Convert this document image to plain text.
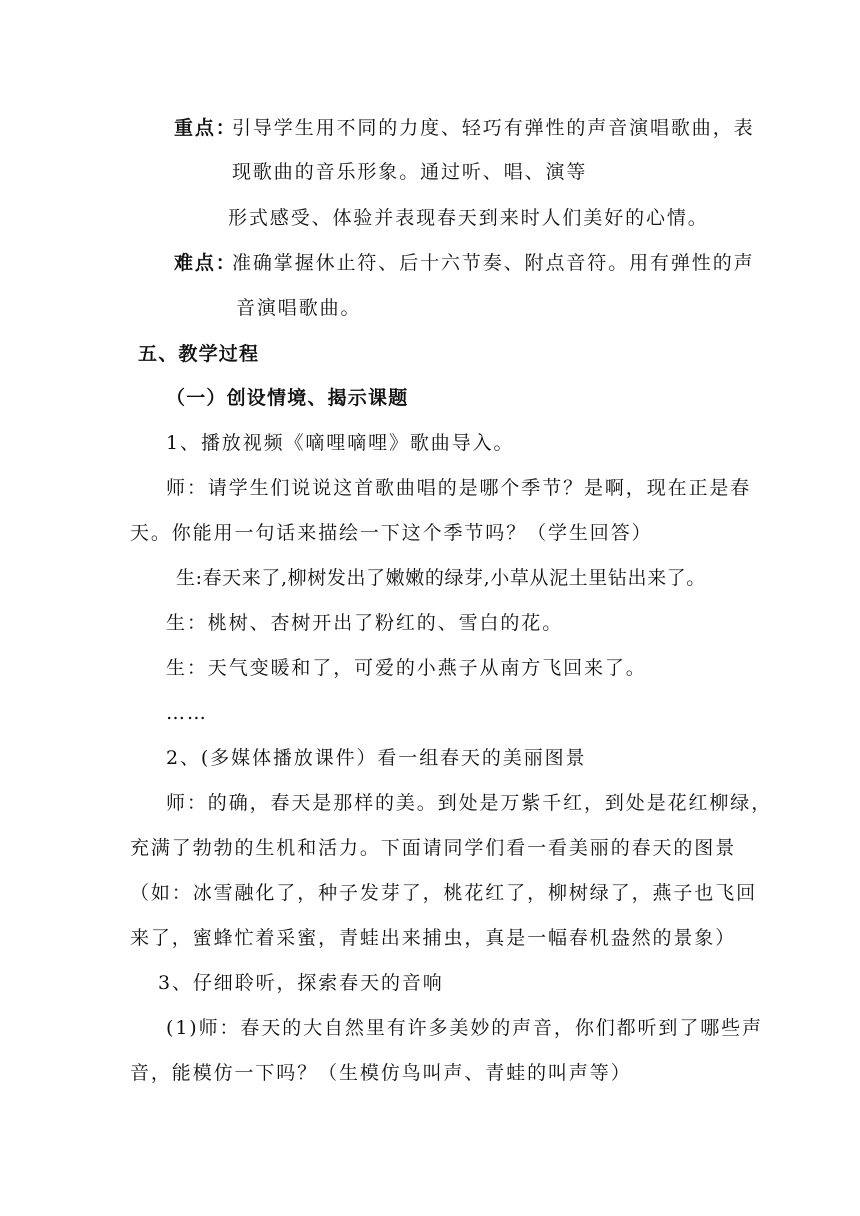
重点：
引导学生用不同的力度、轻巧有弹性的声音演唱歌曲，表
现歌曲的音乐形象。通过听、唱、演等
形式感受、体验并表现春天到来时人们美好的心情。
难点：
准确掌握休止符、后十六节奏、附点音符。用有弹性的声
音演唱歌曲。
五、教学过程
（一）创设情境、揭示课题
1、播放视频《嘀哩嘀哩》歌曲导入。
师：请学生们说说这首歌曲唱的是哪个季节？是啊，现在正是春
天。你能用一句话来描绘一下这个季节吗？（学生回答）
生:春天来了,柳树发出了嫩嫩的绿芽,小草从泥土里钻出来了。
生：桃树、杏树开出了粉红的、雪白的花。
生：天气变暖和了，可爱的小燕子从南方飞回来了。
……
2、(多媒体播放课件）看一组春天的美丽图景
师：的确，春天是那样的美。到处是万紫千红，到处是花红柳绿，
充满了勃勃的生机和活力。下面请同学们看一看美丽的春天的图景
（如：冰雪融化了，种子发芽了，桃花红了，柳树绿了，燕子也飞回
来了，蜜蜂忙着采蜜，青蛙出来捕虫，真是一幅春机盎然的景象）
3、仔细聆听，探索春天的音响
(1)师：春天的大自然里有许多美妙的声音，你们都听到了哪些声
音，能模仿一下吗？（生模仿鸟叫声、青蛙的叫声等）
